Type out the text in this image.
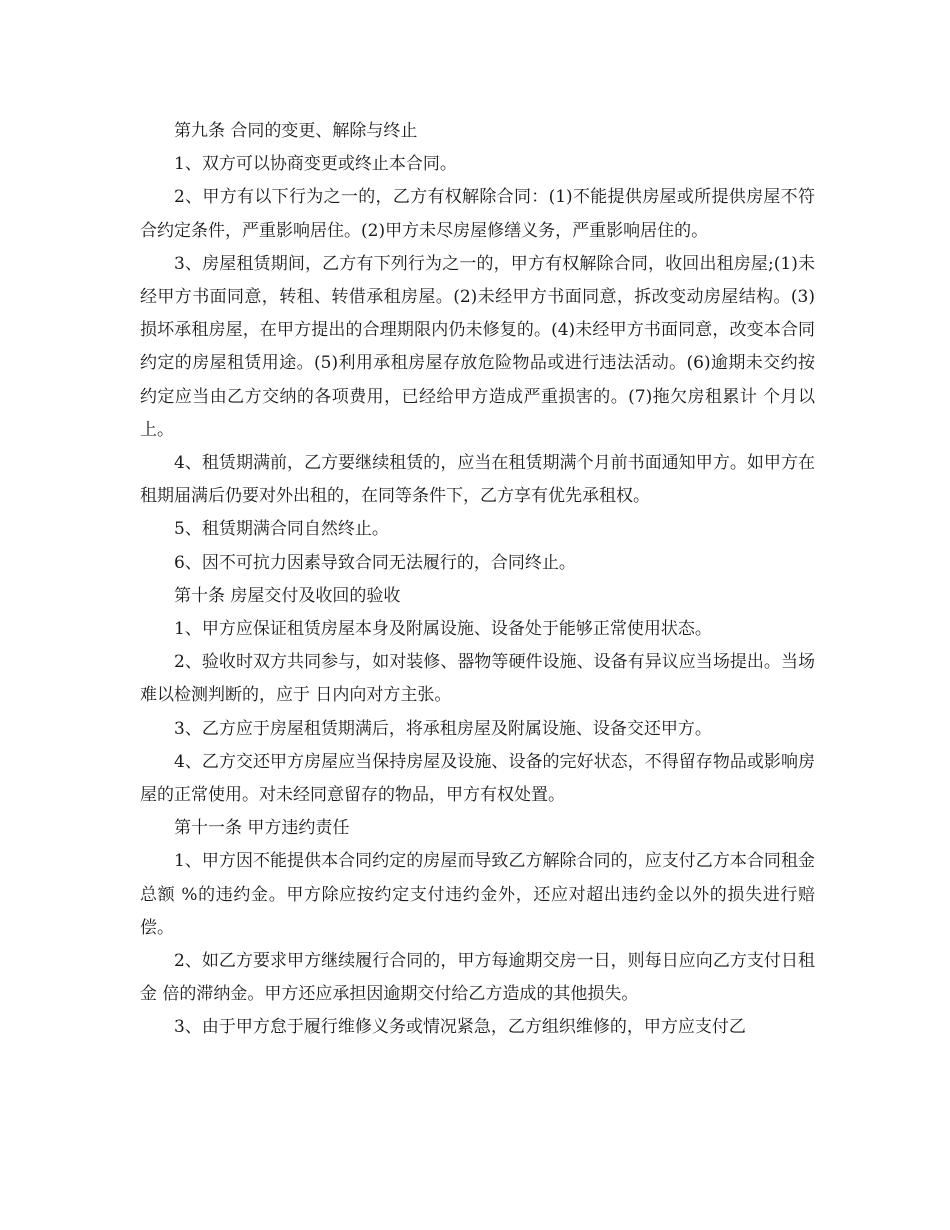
第九条 合同的变更、解除与终止

1、双方可以协商变更或终止本合同。

2、甲方有以下行为之一的，乙方有权解除合同：(1)不能提供房屋或所提供房屋不符合约定条件，严重影响居住。(2)甲方未尽房屋修缮义务，严重影响居住的。

3、房屋租赁期间，乙方有下列行为之一的，甲方有权解除合同，收回出租房屋;(1)未经甲方书面同意，转租、转借承租房屋。(2)未经甲方书面同意，拆改变动房屋结构。(3)损坏承租房屋，在甲方提出的合理期限内仍未修复的。(4)未经甲方书面同意，改变本合同约定的房屋租赁用途。(5)利用承租房屋存放危险物品或进行违法活动。(6)逾期未交约按约定应当由乙方交纳的各项费用，已经给甲方造成严重损害的。(7)拖欠房租累计 个月以上。

4、租赁期满前，乙方要继续租赁的，应当在租赁期满个月前书面通知甲方。如甲方在租期届满后仍要对外出租的，在同等条件下，乙方享有优先承租权。

5、租赁期满合同自然终止。

6、因不可抗力因素导致合同无法履行的，合同终止。

第十条 房屋交付及收回的验收

1、甲方应保证租赁房屋本身及附属设施、设备处于能够正常使用状态。

2、验收时双方共同参与，如对装修、器物等硬件设施、设备有异议应当场提出。当场难以检测判断的，应于 日内向对方主张。

3、乙方应于房屋租赁期满后，将承租房屋及附属设施、设备交还甲方。

4、乙方交还甲方房屋应当保持房屋及设施、设备的完好状态，不得留存物品或影响房屋的正常使用。对未经同意留存的物品，甲方有权处置。

第十一条 甲方违约责任

1、甲方因不能提供本合同约定的房屋而导致乙方解除合同的，应支付乙方本合同租金总额 %的违约金。甲方除应按约定支付违约金外，还应对超出违约金以外的损失进行赔偿。

2、如乙方要求甲方继续履行合同的，甲方每逾期交房一日，则每日应向乙方支付日租金 倍的滞纳金。甲方还应承担因逾期交付给乙方造成的其他损失。

3、由于甲方怠于履行维修义务或情况紧急，乙方组织维修的，甲方应支付乙
